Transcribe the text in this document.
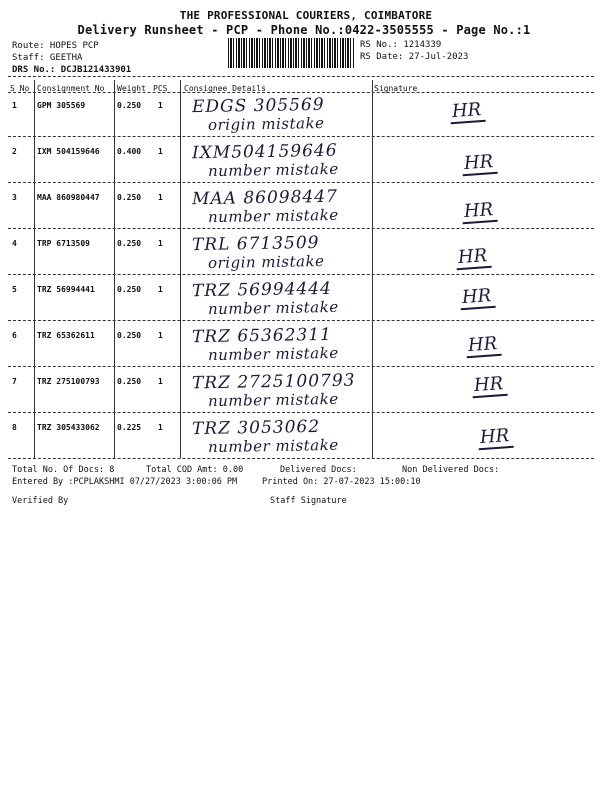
THE PROFESSIONAL COURIERS, COIMBATORE
Delivery Runsheet - PCP - Phone No.:0422-3505555 - Page No.:1
Route: HOPES PCP
Staff: GEETHA
DRS No.: DCJB121433901
RS No.: 1214339
RS Date: 27-Jul-2023
S No Consignment No Weight PCS Consignee Details	Signature
1	GPM 305569	0.250 1 EDGS 305569
origin mistake
HR
2	IXM 504159646 0.400 1 IXM504159646
number mistake	HR
3	MAA 860980447 0.250 1 MAA 86098447
number mistake	HR
4	TRP 6713509	0.250 1 TRL 6713509
origin mistake	HR
5	TRZ 56994441	0.250 1 TRZ 56994444
number mistake	HR
6	TRZ 65362611	0.250 1 TRZ 65362311
number mistake	HR
7	TRZ 275100793 0.250 1 TRZ 2725100793
number mistake
HR
8	TRZ 305433062 0.225 1 TRZ 3053062
number mistake	HR
Total No. Of Docs: 8	Total COD Amt: 0.00	Delivered Docs:	Non Delivered Docs:
Entered By :PCPLAKSHMI 07/27/2023 3:00:06 PM	Printed On: 27-07-2023 15:00:10
Verified By	Staff Signature
